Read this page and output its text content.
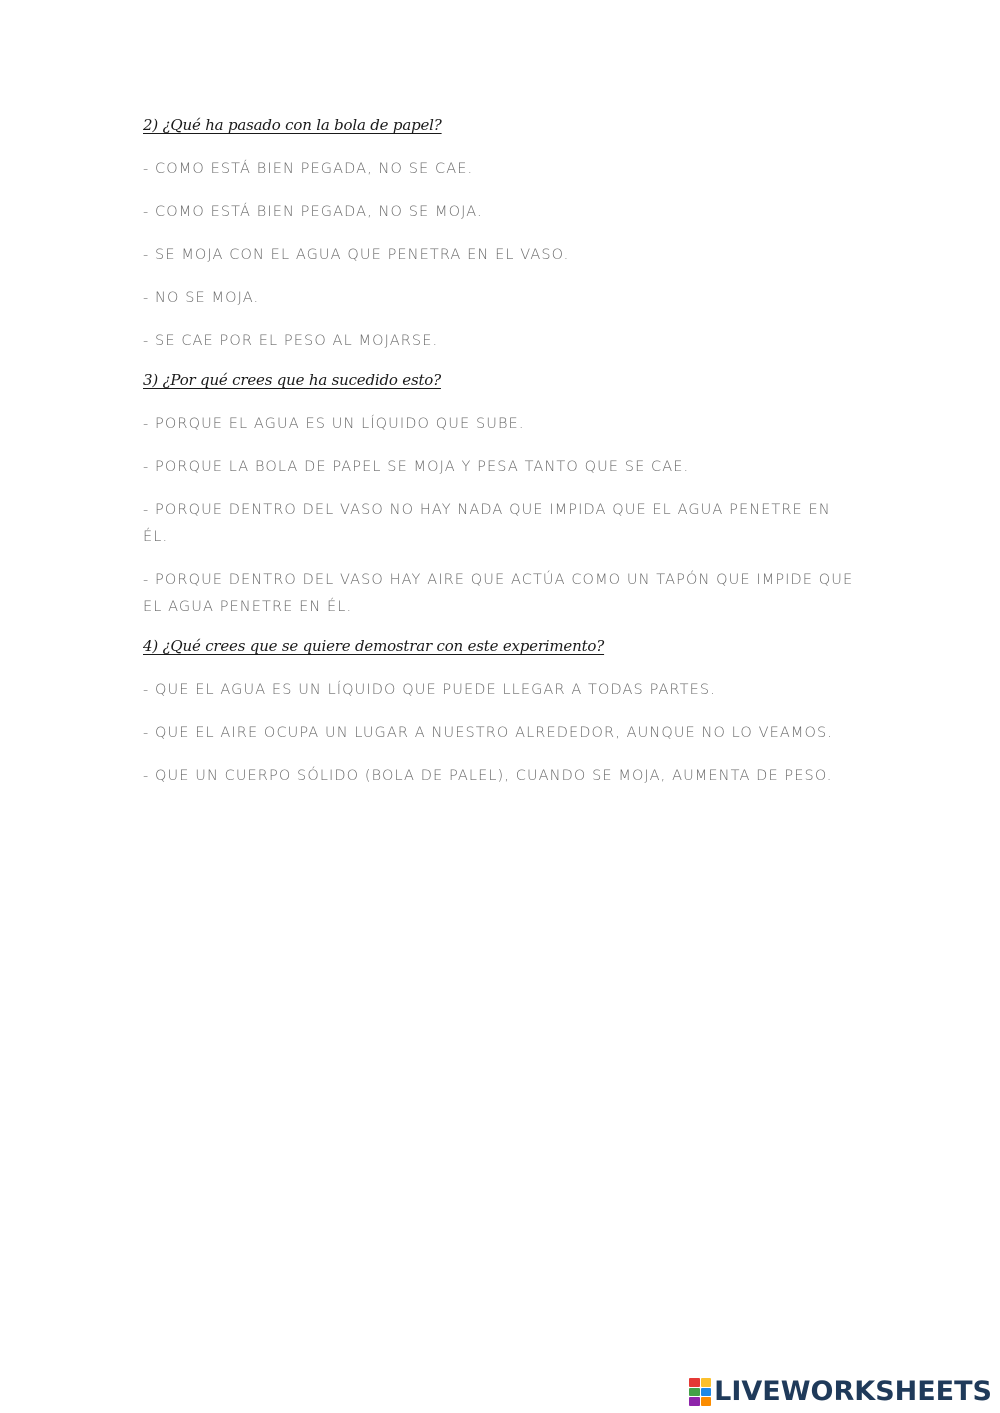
2) ¿Qué ha pasado con la bola de papel?

- COMO ESTÁ BIEN PEGADA, NO SE CAE.

- COMO ESTÁ BIEN PEGADA, NO SE MOJA.

- SE MOJA CON EL AGUA QUE PENETRA EN EL VASO.

- NO SE MOJA.

- SE CAE POR EL PESO AL MOJARSE.

3) ¿Por qué crees que ha sucedido esto?

- PORQUE EL AGUA ES UN LÍQUIDO QUE SUBE.

- PORQUE LA BOLA DE PAPEL SE MOJA Y PESA TANTO QUE SE CAE.

- PORQUE DENTRO DEL VASO NO HAY NADA QUE IMPIDA QUE EL AGUA PENETRE EN ÉL.

- PORQUE DENTRO DEL VASO HAY AIRE QUE ACTÚA COMO UN TAPÓN QUE IMPIDE QUE EL AGUA PENETRE EN ÉL.

4) ¿Qué crees que se quiere demostrar con este experimento?

- QUE EL AGUA ES UN LÍQUIDO QUE PUEDE LLEGAR A TODAS PARTES.

- QUE EL AIRE OCUPA UN LUGAR A NUESTRO ALREDEDOR, AUNQUE NO LO VEAMOS.

- QUE UN CUERPO SÓLIDO (BOLA DE PALEL), CUANDO SE MOJA, AUMENTA DE PESO.

LIVEWORKSHEETS
